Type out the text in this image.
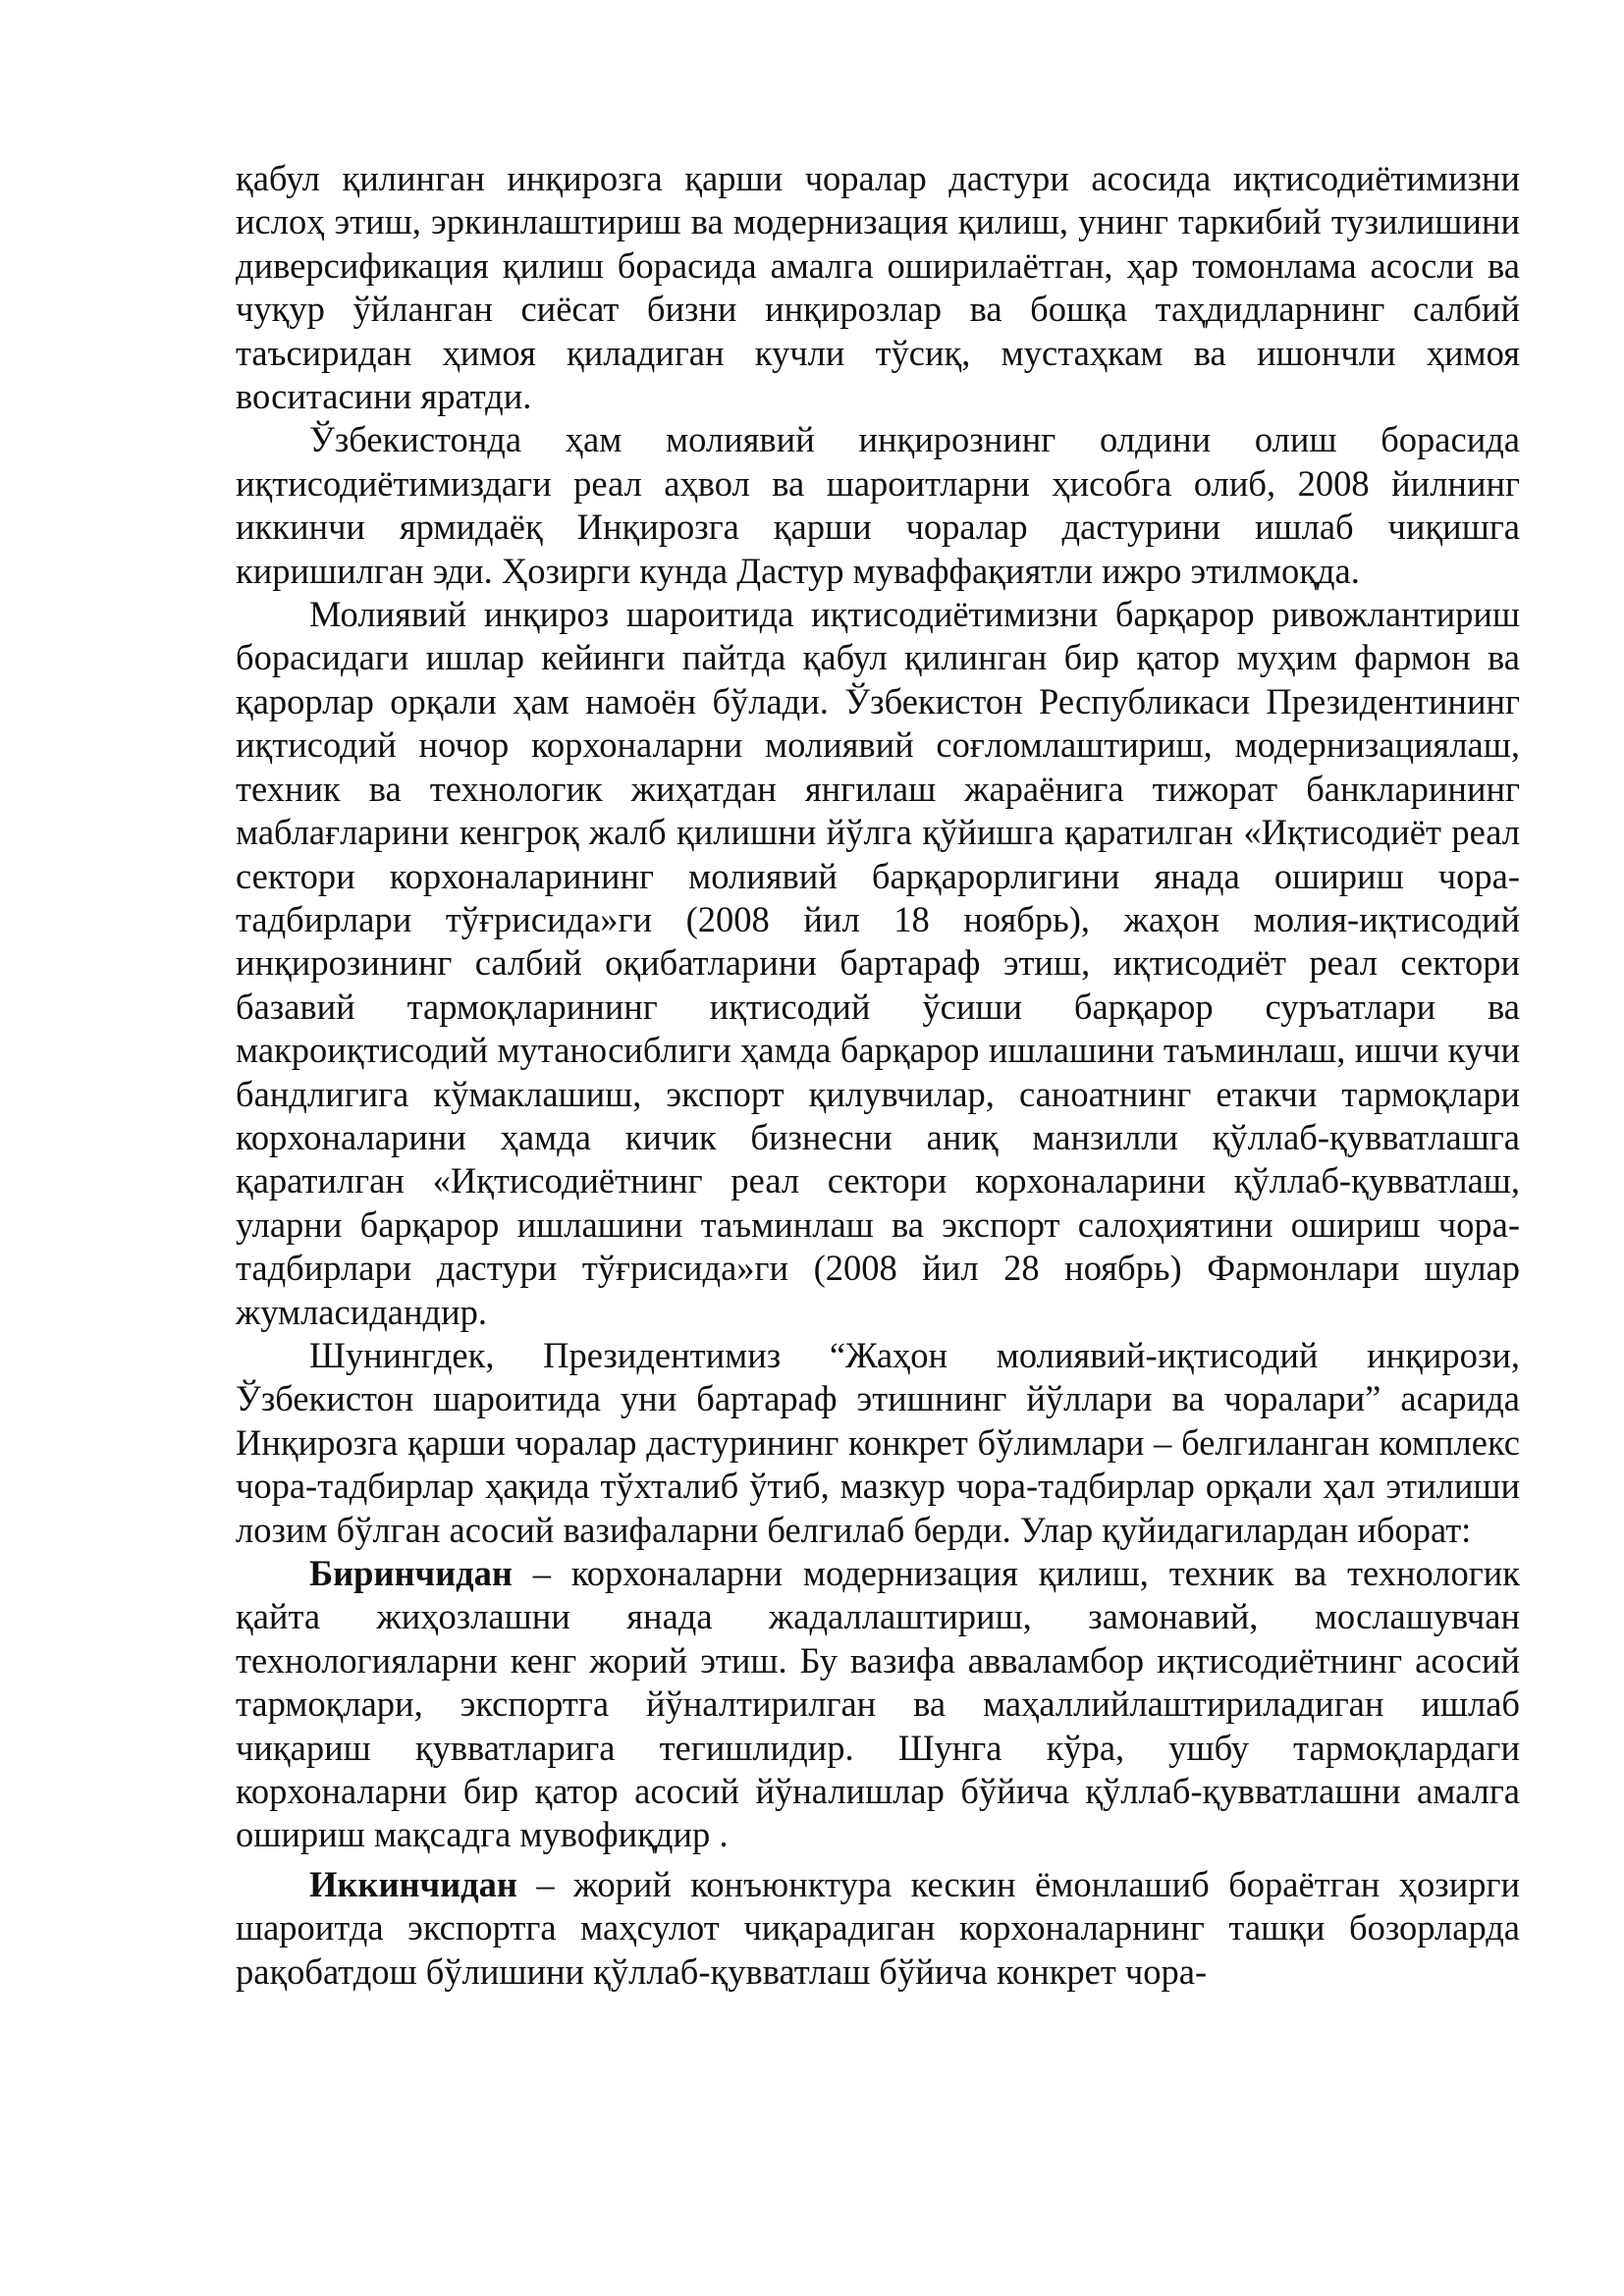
қабул қилинган инқирозга қарши чоралар дастури асосида иқтисодиётимизни ислоҳ этиш, эркинлаштириш ва модернизация қилиш, унинг таркибий тузилишини диверсификация қилиш борасида амалга оширилаётган, ҳар томонлама асосли ва чуқур ўйланган сиёсат бизни инқирозлар ва бошқа таҳдидларнинг салбий таъсиридан ҳимоя қиладиган кучли тўсиқ, мустаҳкам ва ишончли ҳимоя воситасини яратди.

Ўзбекистонда ҳам молиявий инқирознинг олдини олиш борасида иқтисодиётимиздаги реал аҳвол ва шароитларни ҳисобга олиб, 2008 йилнинг иккинчи ярмидаёқ Инқирозга қарши чоралар дастурини ишлаб чиқишга киришилган эди. Ҳозирги кунда Дастур муваффақиятли ижро этилмоқда.

Молиявий инқироз шароитида иқтисодиётимизни барқарор ривожлантириш борасидаги ишлар кейинги пайтда қабул қилинган бир қатор муҳим фармон ва қарорлар орқали ҳам намоён бўлади. Ўзбекистон Республикаси Президентининг иқтисодий ночор корхоналарни молиявий соғломлаштириш, модернизациялаш, техник ва технологик жиҳатдан янгилаш жараёнига тижорат банкларининг маблағларини кенгроқ жалб қилишни йўлга қўйишга қаратилган «Иқтисодиёт реал сектори корхоналарининг молиявий барқарорлигини янада ошириш чора-тадбирлари тўғрисида»ги (2008 йил 18 ноябрь), жаҳон молия-иқтисодий инқирозининг салбий оқибатларини бартараф этиш, иқтисодиёт реал сектори базавий тармоқларининг иқтисодий ўсиши барқарор суръатлари ва макроиқтисодий мутаносиблиги ҳамда барқарор ишлашини таъминлаш, ишчи кучи бандлигига кўмаклашиш, экспорт қилувчилар, саноатнинг етакчи тармоқлари корхоналарини ҳамда кичик бизнесни аниқ манзилли қўллаб-қувватлашга қаратилган «Иқтисодиётнинг реал сектори корхоналарини қўллаб-қувватлаш, уларни барқарор ишлашини таъминлаш ва экспорт салоҳиятини ошириш чора-тадбирлари дастури тўғрисида»ги (2008 йил 28 ноябрь) Фармонлари шулар жумласидандир.

Шунингдек, Президентимиз “Жаҳон молиявий-иқтисодий инқирози, Ўзбекистон шароитида уни бартараф этишнинг йўллари ва чоралари” асарида Инқирозга қарши чоралар дастурининг конкрет бўлимлари – белгиланган комплекс чора-тадбирлар ҳақида тўхталиб ўтиб, мазкур чора-тадбирлар орқали ҳал этилиши лозим бўлган асосий вазифаларни белгилаб берди. Улар қуйидагилардан иборат:

Биринчидан – корхоналарни модернизация қилиш, техник ва технологик қайта жиҳозлашни янада жадаллаштириш, замонавий, мослашувчан технологияларни кенг жорий этиш. Бу вазифа авваламбор иқтисодиётнинг асосий тармоқлари, экспортга йўналтирилган ва маҳаллийлаштириладиган ишлаб чиқариш қувватларига тегишлидир. Шунга кўра, ушбу тармоқлардаги корхоналарни бир қатор асосий йўналишлар бўйича қўллаб-қувватлашни амалга ошириш мақсадга мувофиқдир .

Иккинчидан – жорий конъюнктура кескин ёмонлашиб бораётган ҳозирги шароитда экспортга маҳсулот чиқарадиган корхоналарнинг ташқи бозорларда рақобатдош бўлишини қўллаб-қувватлаш бўйича конкрет чора-
